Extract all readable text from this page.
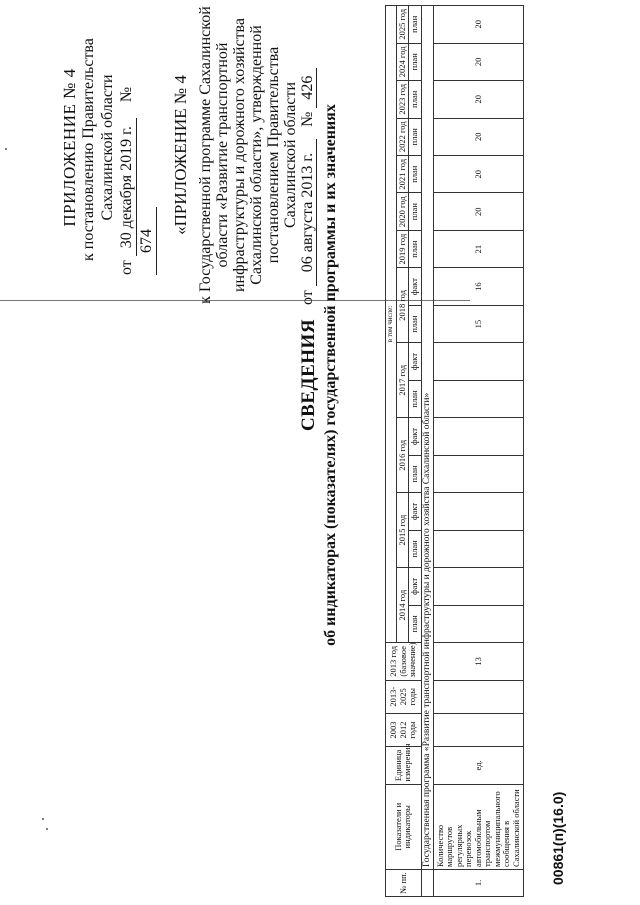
ПРИЛОЖЕНИЕ № 4 к постановлению Правительства Сахалинской области
от 30 декабря 2019 г.    № 674
«ПРИЛОЖЕНИЕ № 4 к Государственной программе Сахалинской области «Развитие транспортной инфраструктуры и дорожного хозяйства Сахалинской области», утвержденной постановлением Правительства Сахалинской области
от 06 августа 2013 г.   № 426
СВЕДЕНИЯ об индикаторах (показателях) государственной программы и их значениях
№ пп.	Показатели и индикаторы	Единица измерения	2003 2012 годы	2013-2025 годы	2013 год (базовое значение)	в том числе:																
						2014 год		2015 год		2016 год		2017 год		2018 год		2019 год	2020 год	2021 год	2022 год	2023 год	2024 год	2025 год
						план	факт	план	факт	план	факт	план	факт	план	факт	план	план	план	план	план	план	план
	Государственная программа «Развитие транспортной инфраструктуры и дорожного хозяйства Сахалинской области»																					
1.	Количество маршрутов регулярных перевозок автомобильным транспортом межмуниципального сообщения в Сахалинской области	ед.			13									15	16	21	20	20	20	20	20	20
00861(п)(16.0)
